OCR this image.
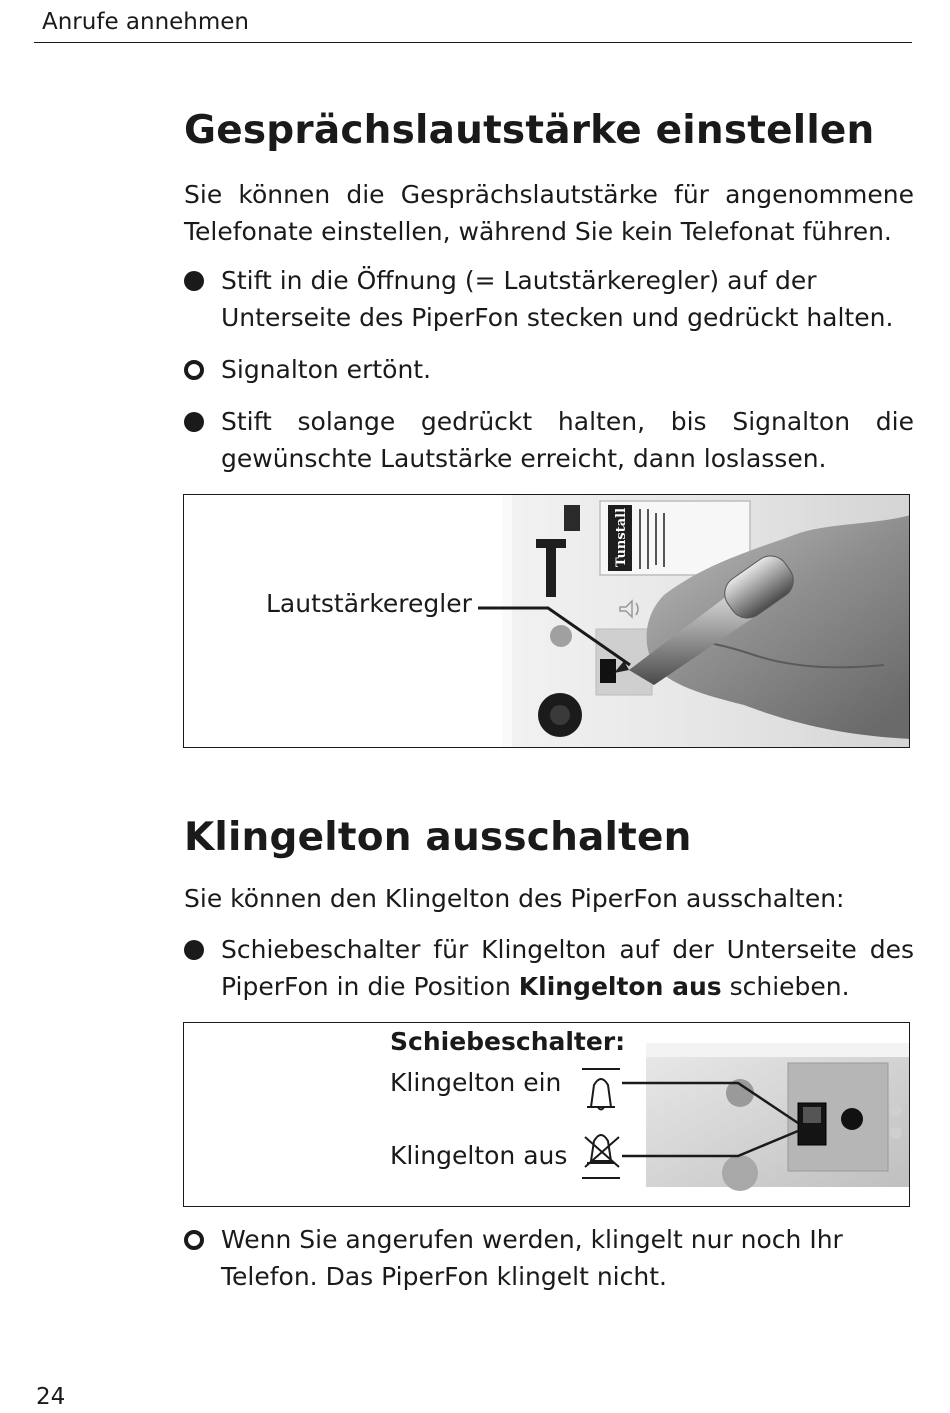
Anrufe annehmen
Gesprächslautstärke einstellen

Sie können die Gesprächslautstärke für angenommene Telefonate einstellen, während Sie kein Telefonat führen.

Stift in die Öffnung (= Lautstärkeregler) auf der Unterseite des PiperFon stecken und gedrückt halten.
Signalton ertönt.
Stift solange gedrückt halten, bis Signalton die gewünschte Lautstärke erreicht, dann loslassen.
Tunstall
Lautstärkeregler
Klingelton ausschalten

Sie können den Klingelton des PiperFon ausschalten:

Schiebeschalter für Klingelton auf der Unterseite des PiperFon in die Position Klingelton aus schieben.
Schiebeschalter:
Klingelton ein
Klingelton aus
Wenn Sie angerufen werden, klingelt nur noch Ihr Telefon. Das PiperFon klingelt nicht.
24
